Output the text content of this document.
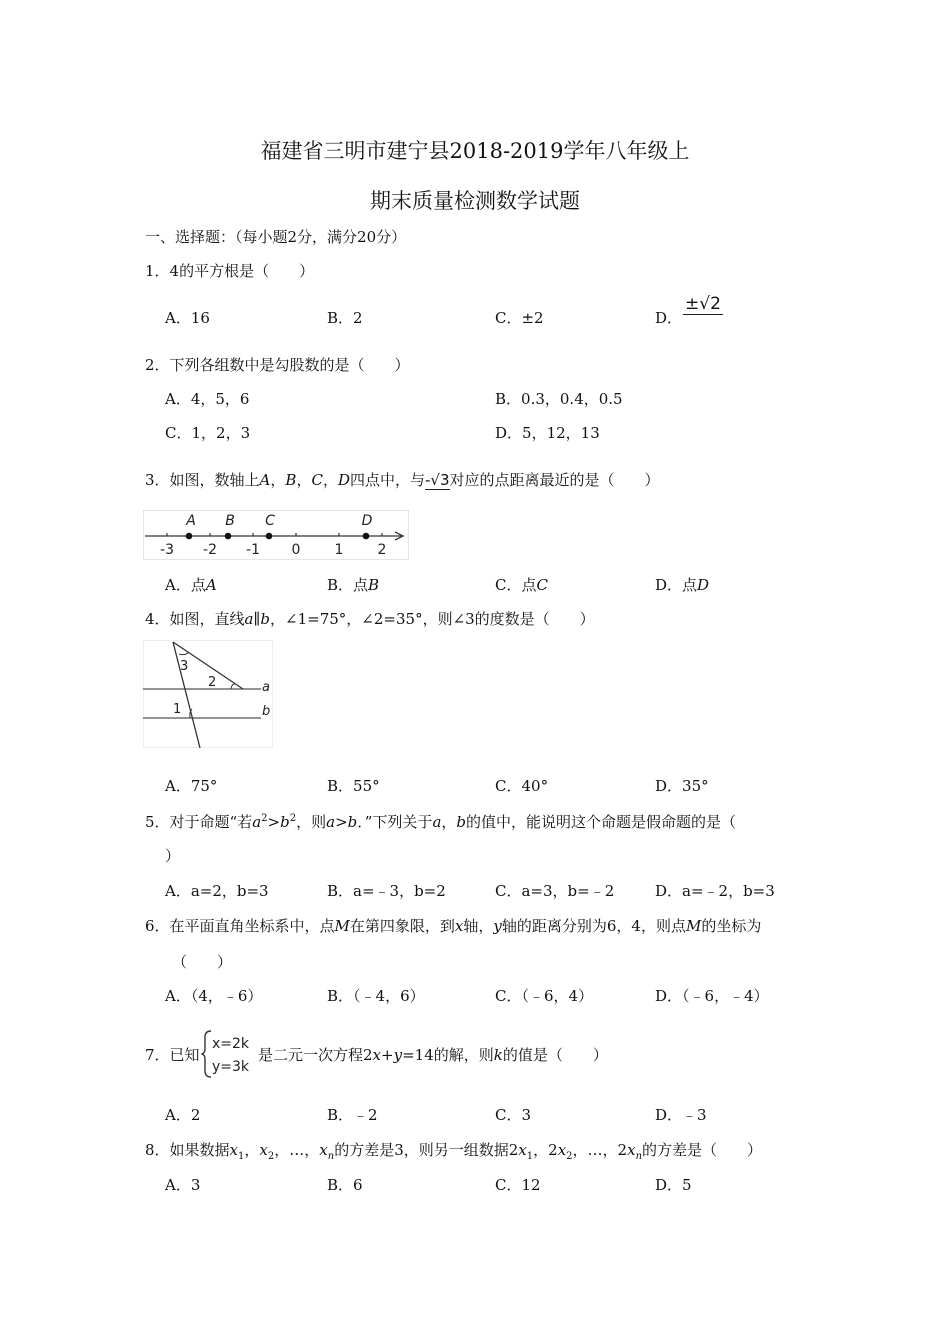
福建省三明市建宁县2018-2019学年八年级上
期末质量检测数学试题
一、选择题：（每小题2分，满分20分）
1．4的平方根是（　　）
A．16	B．2	C．±2	D．
±√2
2．下列各组数中是勾股数的是（　　）
A．4，5，6	B．0.3，0.4，0.5
C．1，2，3	D．5，12，13
3．如图，数轴上A，B，C，D四点中，与-√3对应的点距离最近的是（　　）
-3 -2 -1 0 1 2
A B C	D
A．点A	B．点B	C．点C	D．点D
4．如图，直线a∥b，∠1=75°，∠2=35°，则∠3的度数是（　　）
3
2
1
a
b
A．75°	B．55°	C．40°	D．35°
5．对于命题“若$a^2>b^2$，则a>b．”下列关于a，b的值中，能说明这个命题是假命题的是（
）
A．a=2，b=3	B．a=﹣3，b=2	C．a=3，b=﹣2	D．a=﹣2，b=3
6．在平面直角坐标系中，点M在第四象限，到x轴，y轴的距离分别为6，4，则点M的坐标为
（　　）
A．（4，﹣6）	B．（﹣4，6）	C．（﹣6，4）	D．（﹣6，﹣4）
7．已知
x=2k
y=3k
是二元一次方程2x+y=14的解，则k的值是（　　）
A．2	B．﹣2	C．3	D．﹣3
8．如果数据$x_1$，$x_2$，…，$x_n$的方差是3，则另一组数据$2x_1$，$2x_2$，…，$2x_n$的方差是（　　）
A．3	B．6	C．12	D．5
